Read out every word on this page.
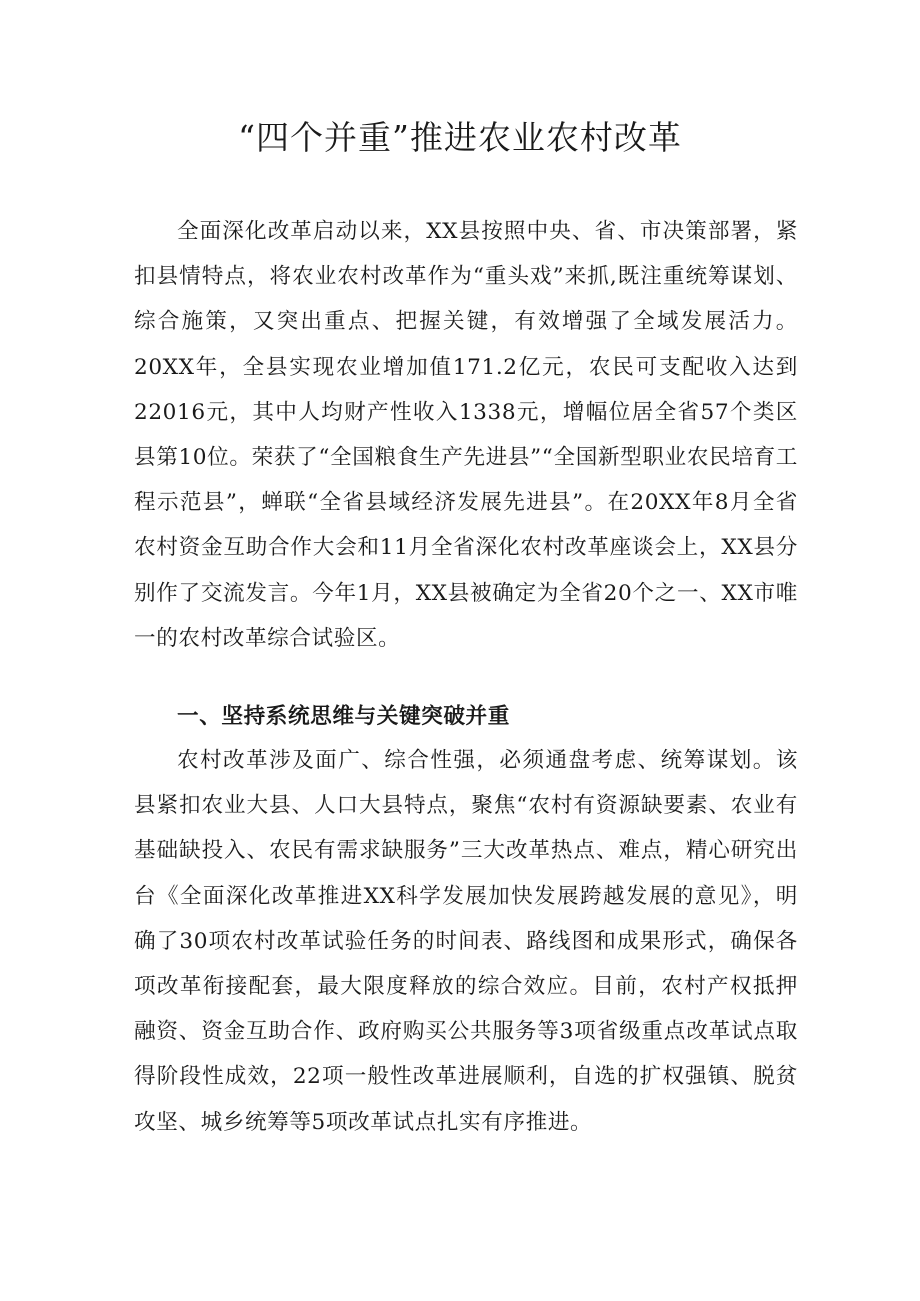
“四个并重”推进农业农村改革

全面深化改革启动以来，XX县按照中央、省、市决策部署，紧扣县情特点，将农业农村改革作为“重头戏”来抓,既注重统筹谋划、综合施策，又突出重点、把握关键，有效增强了全域发展活力。20XX年，全县实现农业增加值171.2亿元，农民可支配收入达到22016元，其中人均财产性收入1338元，增幅位居全省57个类区县第10位。荣获了“全国粮食生产先进县”“全国新型职业农民培育工程示范县”，蝉联“全省县域经济发展先进县”。在20XX年8月全省农村资金互助合作大会和11月全省深化农村改革座谈会上，XX县分别作了交流发言。今年1月，XX县被确定为全省20个之一、XX市唯一的农村改革综合试验区。

一、坚持系统思维与关键突破并重

农村改革涉及面广、综合性强，必须通盘考虑、统筹谋划。该县紧扣农业大县、人口大县特点，聚焦“农村有资源缺要素、农业有基础缺投入、农民有需求缺服务”三大改革热点、难点，精心研究出台《全面深化改革推进XX科学发展加快发展跨越发展的意见》，明确了30项农村改革试验任务的时间表、路线图和成果形式，确保各项改革衔接配套，最大限度释放的综合效应。目前，农村产权抵押融资、资金互助合作、政府购买公共服务等3项省级重点改革试点取得阶段性成效，22项一般性改革进展顺利，自选的扩权强镇、脱贫攻坚、城乡统筹等5项改革试点扎实有序推进。
